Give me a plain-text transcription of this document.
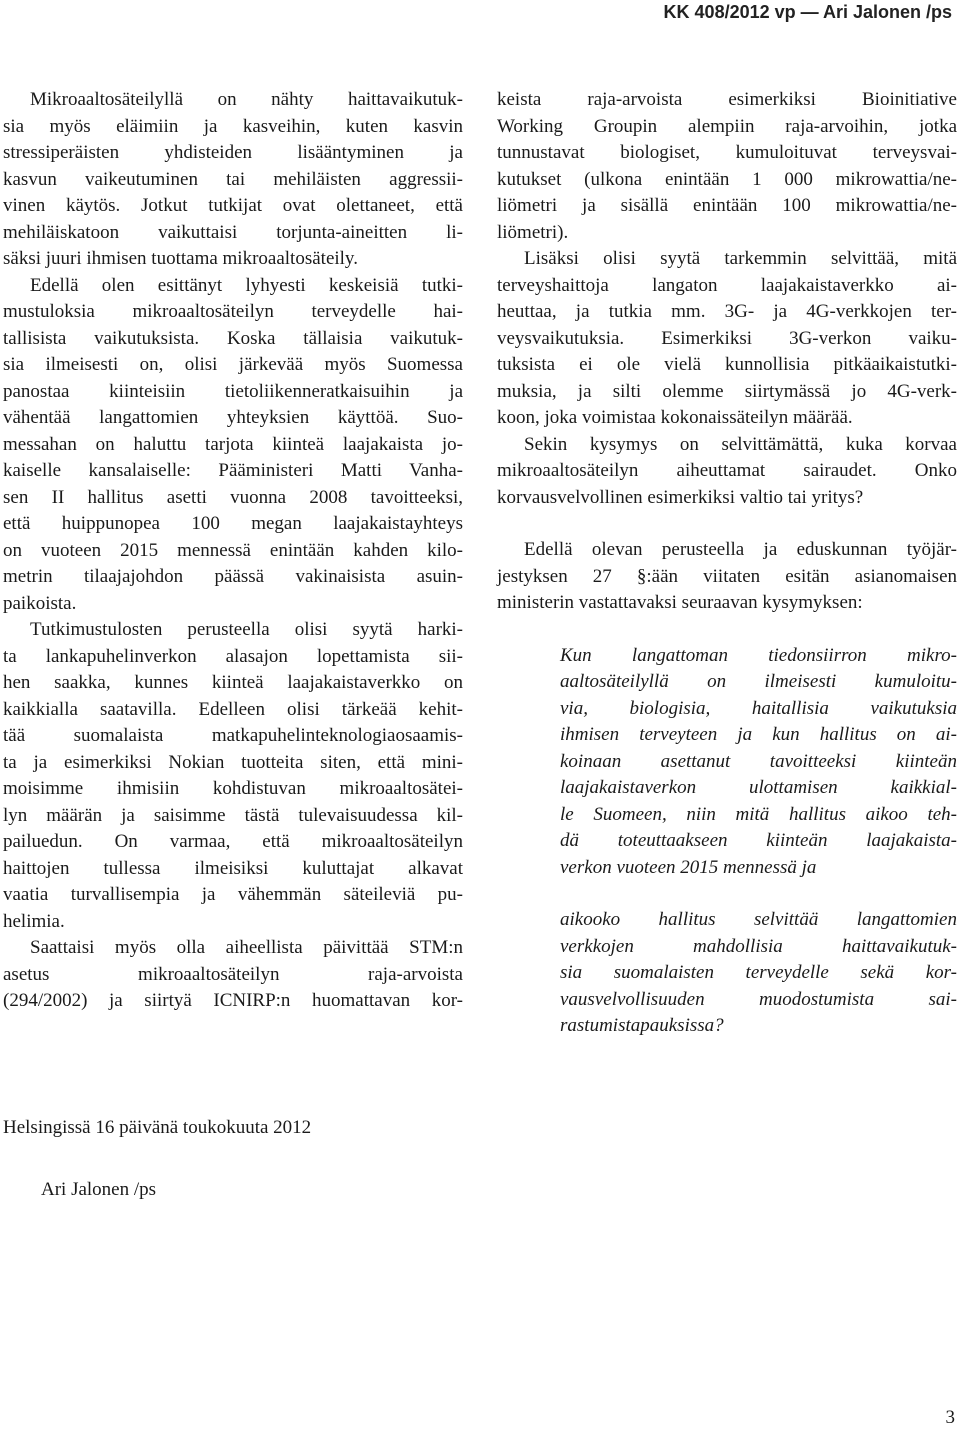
KK 408/2012 vp — Ari Jalonen /ps
Mikroaaltosäteilyllä on nähty haittavaikutuk-
sia myös eläimiin ja kasveihin, kuten kasvin
stressiperäisten yhdisteiden lisääntyminen ja
kasvun vaikeutuminen tai mehiläisten aggressii-
vinen käytös. Jotkut tutkijat ovat olettaneet, että
mehiläiskatoon vaikuttaisi torjunta-aineitten li-
säksi juuri ihmisen tuottama mikroaaltosäteily.
Edellä olen esittänyt lyhyesti keskeisiä tutki-
mustuloksia mikroaaltosäteilyn terveydelle hai-
tallisista vaikutuksista. Koska tällaisia vaikutuk-
sia ilmeisesti on, olisi järkevää myös Suomessa
panostaa kiinteisiin tietoliikenneratkaisuihin ja
vähentää langattomien yhteyksien käyttöä. Suo-
messahan on haluttu tarjota kiinteä laajakaista jo-
kaiselle kansalaiselle: Pääministeri Matti Vanha-
sen II hallitus asetti vuonna 2008 tavoitteeksi,
että huippunopea 100 megan laajakaistayhteys
on vuoteen 2015 mennessä enintään kahden kilo-
metrin tilaajajohdon päässä vakinaisista asuin-
paikoista.
Tutkimustulosten perusteella olisi syytä harki-
ta lankapuhelinverkon alasajon lopettamista sii-
hen saakka, kunnes kiinteä laajakaistaverkko on
kaikkialla saatavilla. Edelleen olisi tärkeää kehit-
tää suomalaista matkapuhelinteknologiaosaamis-
ta ja esimerkiksi Nokian tuotteita siten, että mini-
moisimme ihmisiin kohdistuvan mikroaaltosätei-
lyn määrän ja saisimme tästä tulevaisuudessa kil-
pailuedun. On varmaa, että mikroaaltosäteilyn
haittojen tullessa ilmeisiksi kuluttajat alkavat
vaatia turvallisempia ja vähemmän säteileviä pu-
helimia.
Saattaisi myös olla aiheellista päivittää STM:n
asetus mikroaaltosäteilyn raja-arvoista
(294/2002) ja siirtyä ICNIRP:n huomattavan kor-
keista raja-arvoista esimerkiksi Bioinitiative
Working Groupin alempiin raja-arvoihin, jotka
tunnustavat biologiset, kumuloituvat terveysvai-
kutukset (ulkona enintään 1 000 mikrowattia/ne-
liömetri ja sisällä enintään 100 mikrowattia/ne-
liömetri).
Lisäksi olisi syytä tarkemmin selvittää, mitä
terveyshaittoja langaton laajakaistaverkko ai-
heuttaa, ja tutkia mm. 3G- ja 4G-verkkojen ter-
veysvaikutuksia. Esimerkiksi 3G-verkon vaiku-
tuksista ei ole vielä kunnollisia pitkäaikaistutki-
muksia, ja silti olemme siirtymässä jo 4G-verk-
koon, joka voimistaa kokonaissäteilyn määrää.
Sekin kysymys on selvittämättä, kuka korvaa
mikroaaltosäteilyn aiheuttamat sairaudet. Onko
korvausvelvollinen esimerkiksi valtio tai yritys?
Edellä olevan perusteella ja eduskunnan työjär-
jestyksen 27 §:ään viitaten esitän asianomaisen
ministerin vastattavaksi seuraavan kysymyksen:
Kun langattoman tiedonsiirron mikro-
aaltosäteilyllä on ilmeisesti kumuloitu-
via, biologisia, haitallisia vaikutuksia
ihmisen terveyteen ja kun hallitus on ai-
koinaan asettanut tavoitteeksi kiinteän
laajakaistaverkon ulottamisen kaikkial-
le Suomeen, niin mitä hallitus aikoo teh-
dä toteuttaakseen kiinteän laajakaista-
verkon vuoteen 2015 mennessä ja
aikooko hallitus selvittää langattomien
verkkojen mahdollisia haittavaikutuk-
sia suomalaisten terveydelle sekä kor-
vausvelvollisuuden muodostumista sai-
rastumistapauksissa?
Helsingissä 16 päivänä toukokuuta 2012
Ari Jalonen /ps
3
